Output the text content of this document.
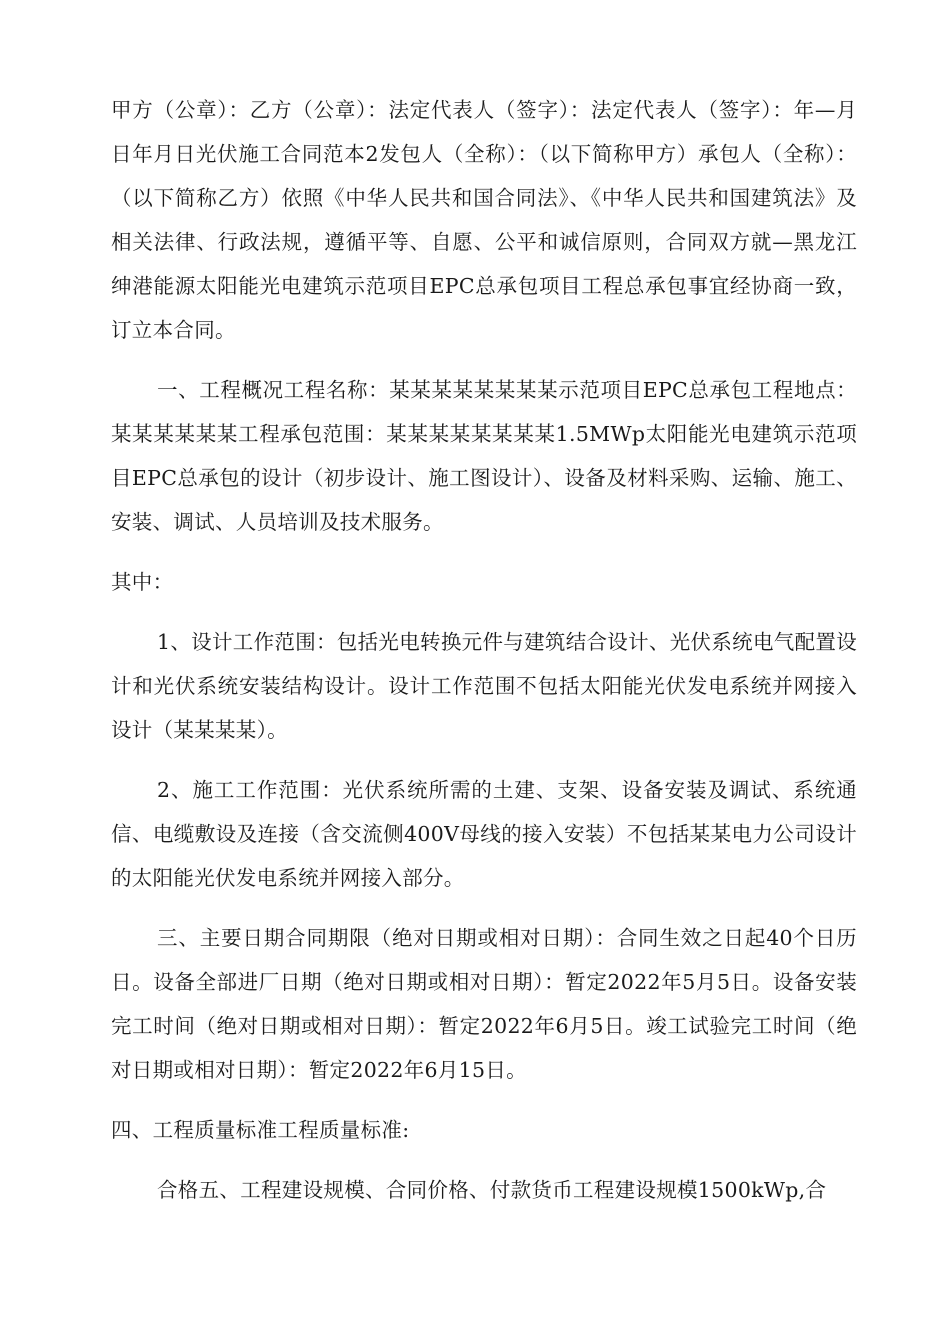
甲方（公章）：乙方（公章）：法定代表人（签字）：法定代表人（签字）：年—月日年月日光伏施工合同范本2发包人（全称）：（以下简称甲方）承包人（全称）：（以下简称乙方）依照《中华人民共和国合同法》、《中华人民共和国建筑法》及相关法律、行政法规，遵循平等、自愿、公平和诚信原则，合同双方就—黑龙江绅港能源太阳能光电建筑示范项目EPC总承包项目工程总承包事宜经协商一致，订立本合同。

一、工程概况工程名称：某某某某某某某某示范项目EPC总承包工程地点：某某某某某某工程承包范围：某某某某某某某某1.5MWp太阳能光电建筑示范项目EPC总承包的设计（初步设计、施工图设计）、设备及材料采购、运输、施工、安装、调试、人员培训及技术服务。

其中：

1、设计工作范围：包括光电转换元件与建筑结合设计、光伏系统电气配置设计和光伏系统安装结构设计。设计工作范围不包括太阳能光伏发电系统并网接入设计（某某某某）。

2、施工工作范围：光伏系统所需的土建、支架、设备安装及调试、系统通信、电缆敷设及连接（含交流侧400V母线的接入安装）不包括某某电力公司设计的太阳能光伏发电系统并网接入部分。

三、主要日期合同期限（绝对日期或相对日期）：合同生效之日起40个日历日。设备全部进厂日期（绝对日期或相对日期）：暂定2022年5月5日。设备安装完工时间（绝对日期或相对日期）：暂定2022年6月5日。竣工试验完工时间（绝对日期或相对日期）：暂定2022年6月15日。

四、工程质量标准工程质量标准:

合格五、工程建设规模、合同价格、付款货币工程建设规模1500kWp,合
